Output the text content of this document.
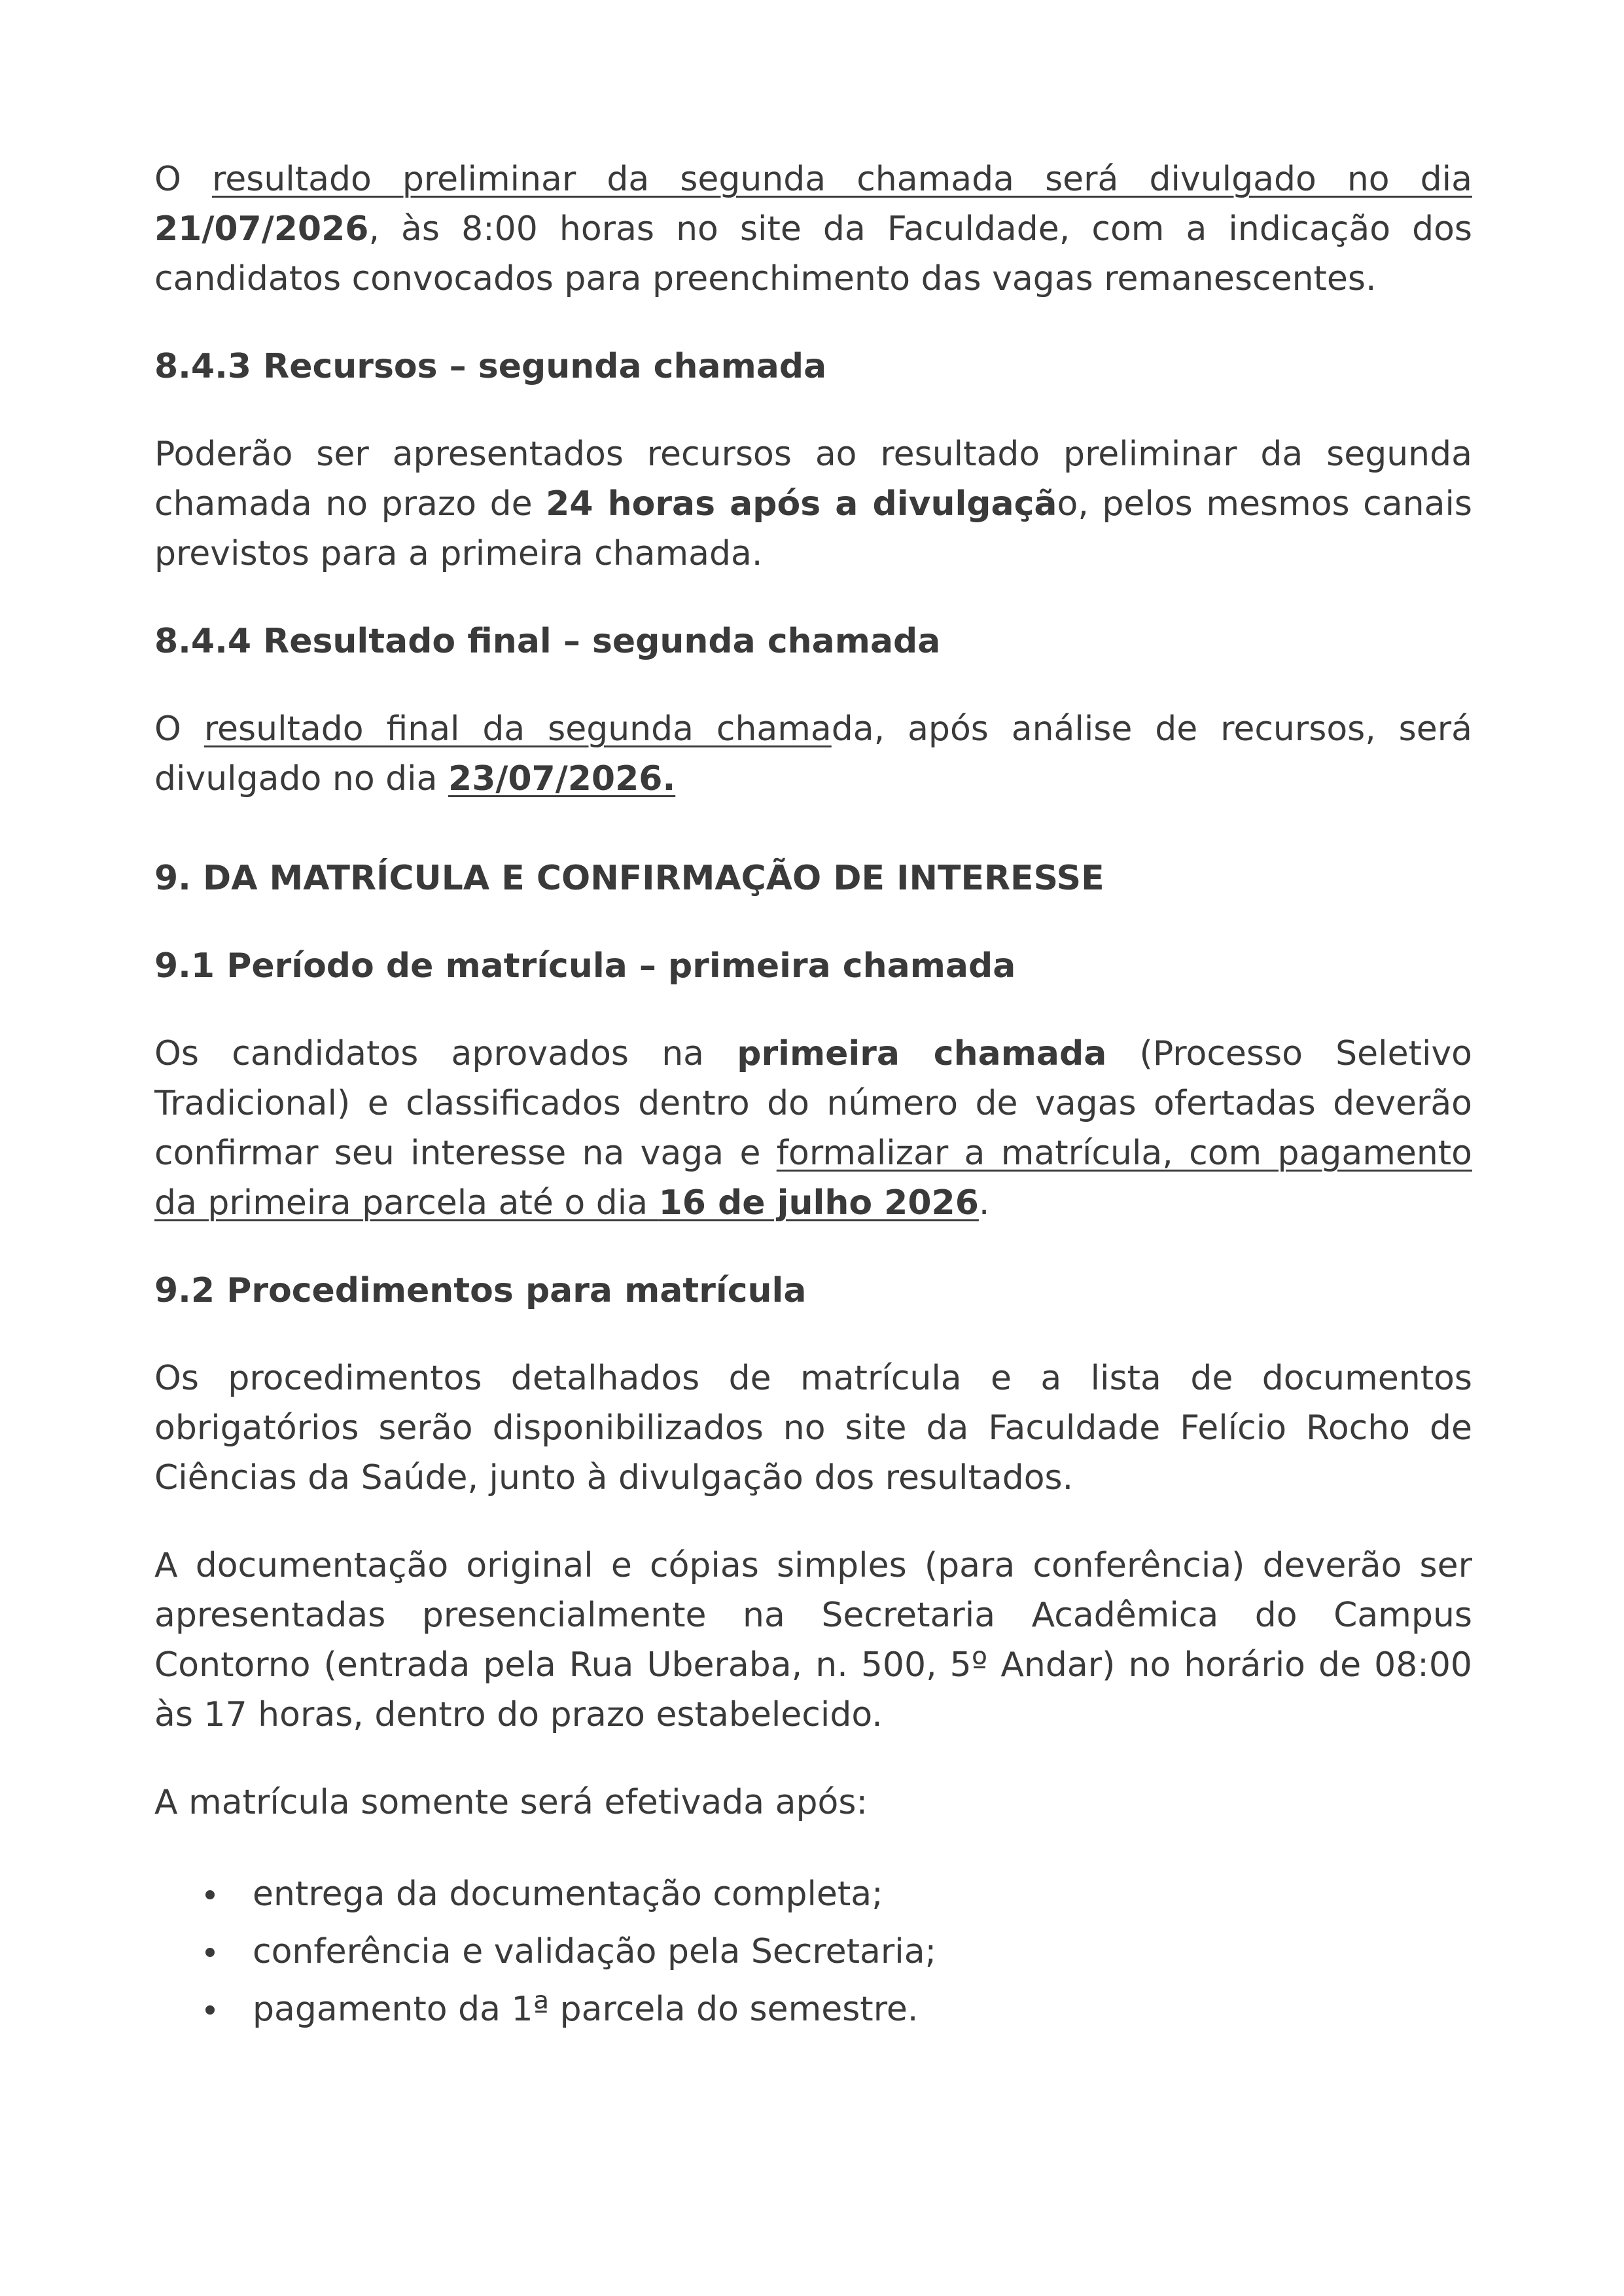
O resultado preliminar da segunda chamada será divulgado no dia 21/07/2026, às 8:00 horas no site da Faculdade, com a indicação dos candidatos convocados para preenchimento das vagas remanescentes.

8.4.3 Recursos – segunda chamada

Poderão ser apresentados recursos ao resultado preliminar da segunda chamada no prazo de 24 horas após a divulgação, pelos mesmos canais previstos para a primeira chamada.

8.4.4 Resultado final – segunda chamada

O resultado final da segunda chamada, após análise de recursos, será divulgado no dia 23/07/2026.

9. DA MATRÍCULA E CONFIRMAÇÃO DE INTERESSE
9.1 Período de matrícula – primeira chamada

Os candidatos aprovados na primeira chamada (Processo Seletivo Tradicional) e classificados dentro do número de vagas ofertadas deverão confirmar seu interesse na vaga e formalizar a matrícula, com pagamento da primeira parcela até o dia 16 de julho 2026.

9.2 Procedimentos para matrícula

Os procedimentos detalhados de matrícula e a lista de documentos obrigatórios serão disponibilizados no site da Faculdade Felício Rocho de Ciências da Saúde, junto à divulgação dos resultados.

A documentação original e cópias simples (para conferência) deverão ser apresentadas presencialmente na Secretaria Acadêmica do Campus Contorno (entrada pela Rua Uberaba, n. 500, 5º Andar) no horário de 08:00 às 17 horas, dentro do prazo estabelecido.

A matrícula somente será efetivada após:

entrega da documentação completa;
conferência e validação pela Secretaria;
pagamento da 1ª parcela do semestre.
